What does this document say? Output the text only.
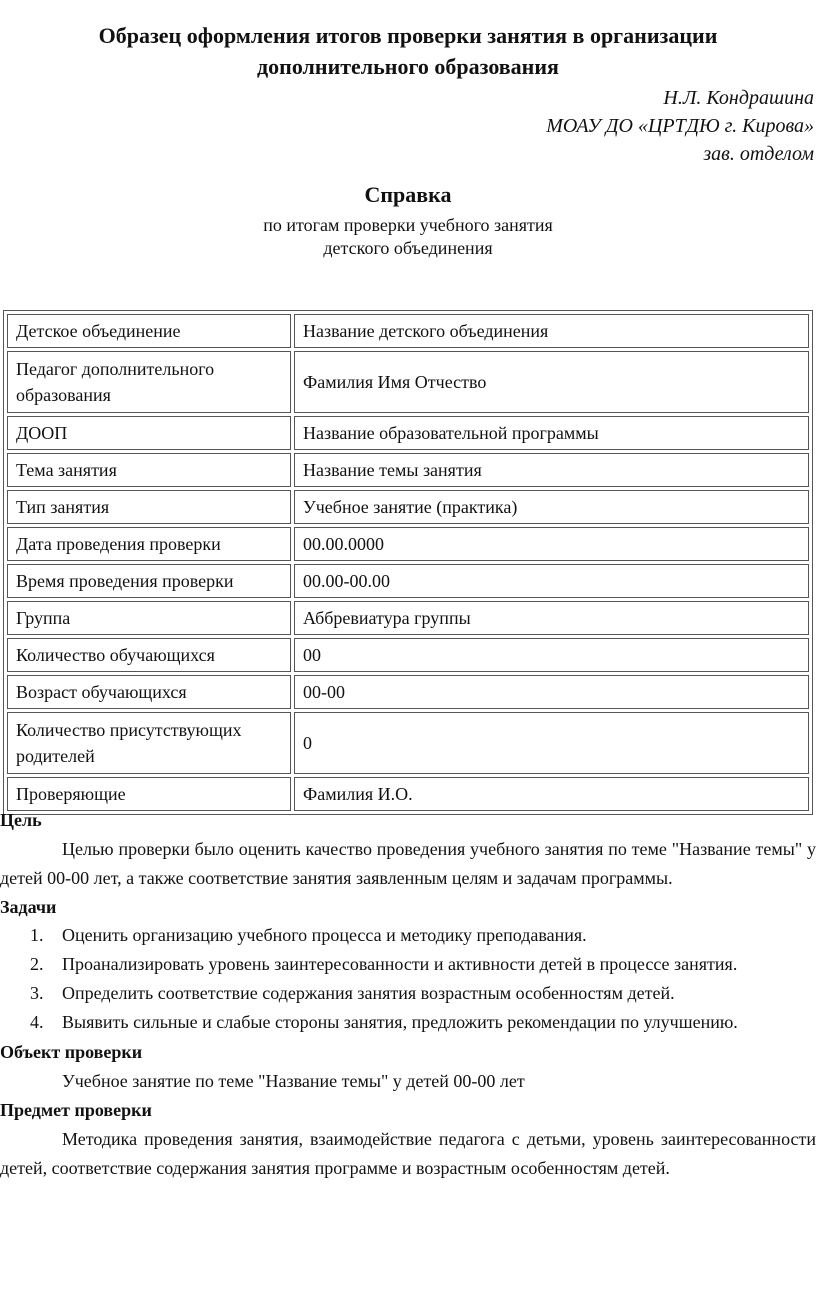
Образец оформления итогов проверки занятия в организации
дополнительного образования
Н.Л. Кондрашина
МОАУ ДО «ЦРТДЮ г. Кирова»
зав. отделом
Справка
по итогам проверки учебного занятия
детского объединения
Детское объединение	Название детского объединения
Педагог дополнительного образования	Фамилия Имя Отчество
ДООП	Название образовательной программы
Тема занятия	Название темы занятия
Тип занятия	Учебное занятие (практика)
Дата проведения проверки	00.00.0000
Время проведения проверки	00.00-00.00
Группа	Аббревиатура группы
Количество обучающихся	00
Возраст обучающихся	00-00
Количество присутствующих родителей	0
Проверяющие	Фамилия И.О.

Цель

Целью проверки было оценить качество проведения учебного занятия по теме "Название темы" у детей 00-00 лет, а также соответствие занятия заявленным целям и задачам программы.

Задачи

1. Оценить организацию учебного процесса и методику преподавания.
2. Проанализировать уровень заинтересованности и активности детей в процессе занятия.
3. Определить соответствие содержания занятия возрастным особенностям детей.
4. Выявить сильные и слабые стороны занятия, предложить рекомендации по улучшению.

Объект проверки

Учебное занятие по теме "Название темы" у детей 00-00 лет

Предмет проверки

Методика проведения занятия, взаимодействие педагога с детьми, уровень заинтересованности детей, соответствие содержания занятия программе и возрастным особенностям детей.
